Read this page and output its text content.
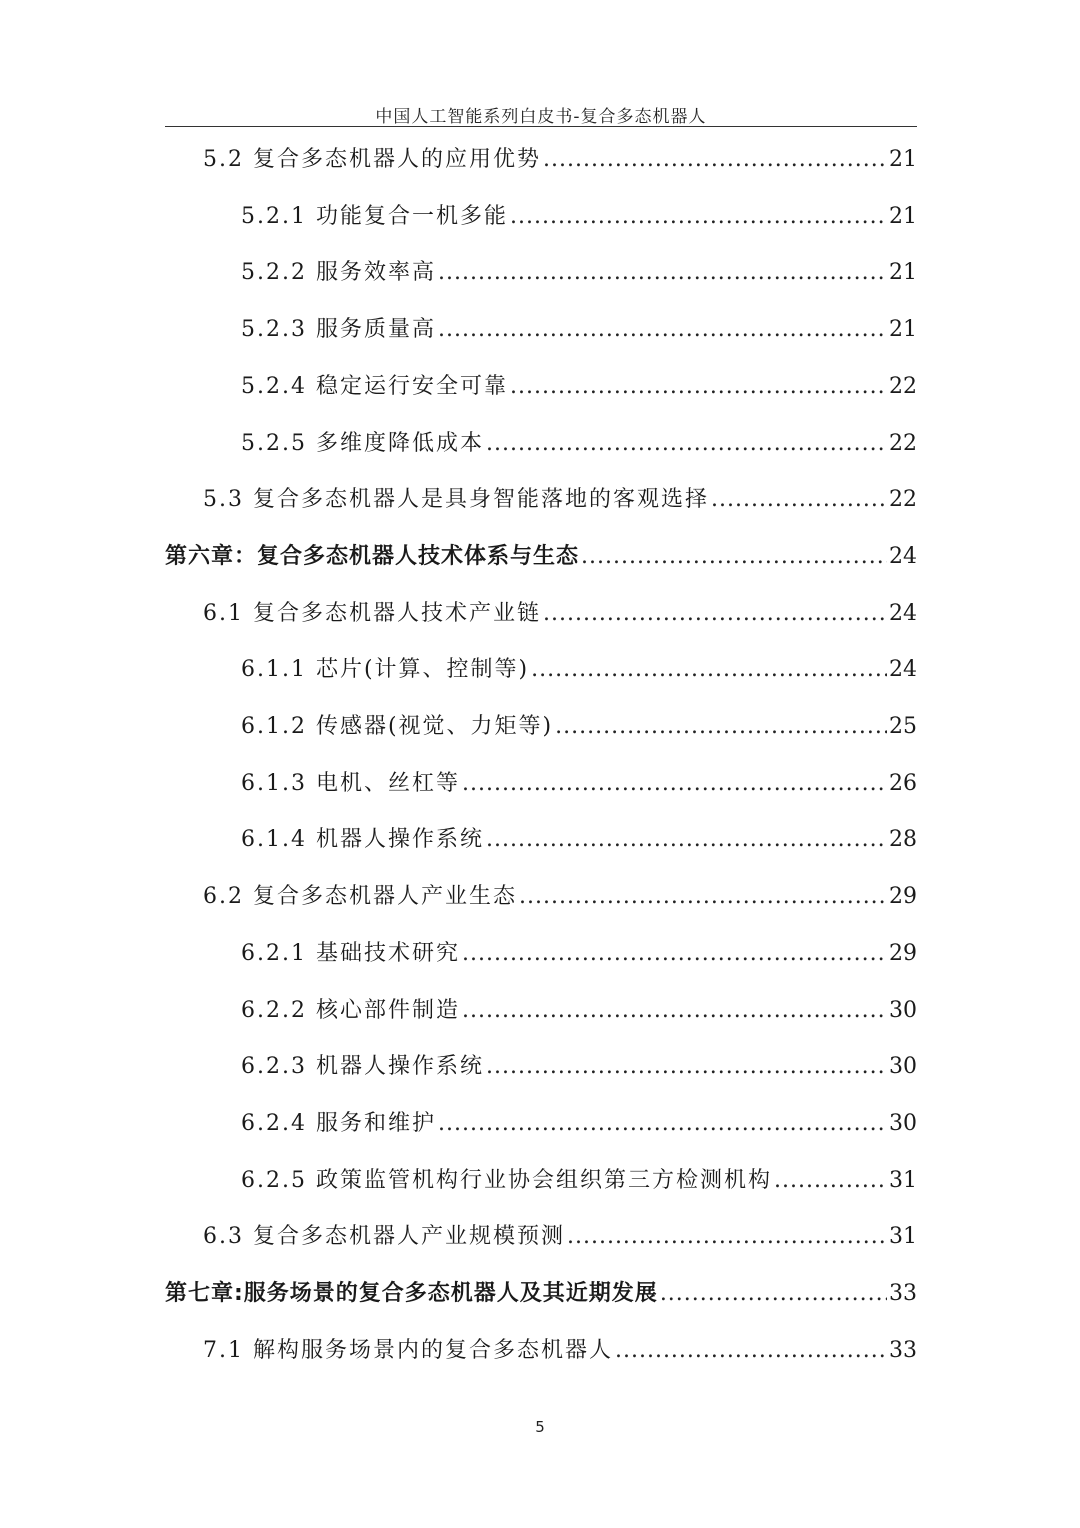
中国人工智能系列白皮书-复合多态机器人
5.2 复合多态机器人的应用优势 .....	21
5.2.1 功能复合一机多能 .....	21
5.2.2 服务效率高 .....	21
5.2.3 服务质量高 .....	21
5.2.4 稳定运行安全可靠 .....	22
5.2.5 多维度降低成本 .....	22
5.3 复合多态机器人是具身智能落地的客观选择 .....	22
第六章：复合多态机器人技术体系与生态 .....	24
6.1 复合多态机器人技术产业链 .....	24
6.1.1 芯片(计算、控制等) .....	24
6.1.2 传感器(视觉、力矩等) .....	25
6.1.3 电机、丝杠等 .....	26
6.1.4 机器人操作系统 .....	28
6.2 复合多态机器人产业生态 .....	29
6.2.1 基础技术研究 .....	29
6.2.2 核心部件制造 .....	30
6.2.3 机器人操作系统 .....	30
6.2.4 服务和维护 .....	30
6.2.5 政策监管机构行业协会组织第三方检测机构 .....	31
6.3 复合多态机器人产业规模预测 .....	31
第七章:服务场景的复合多态机器人及其近期发展 .....	33
7.1 解构服务场景内的复合多态机器人 .....	33
5
